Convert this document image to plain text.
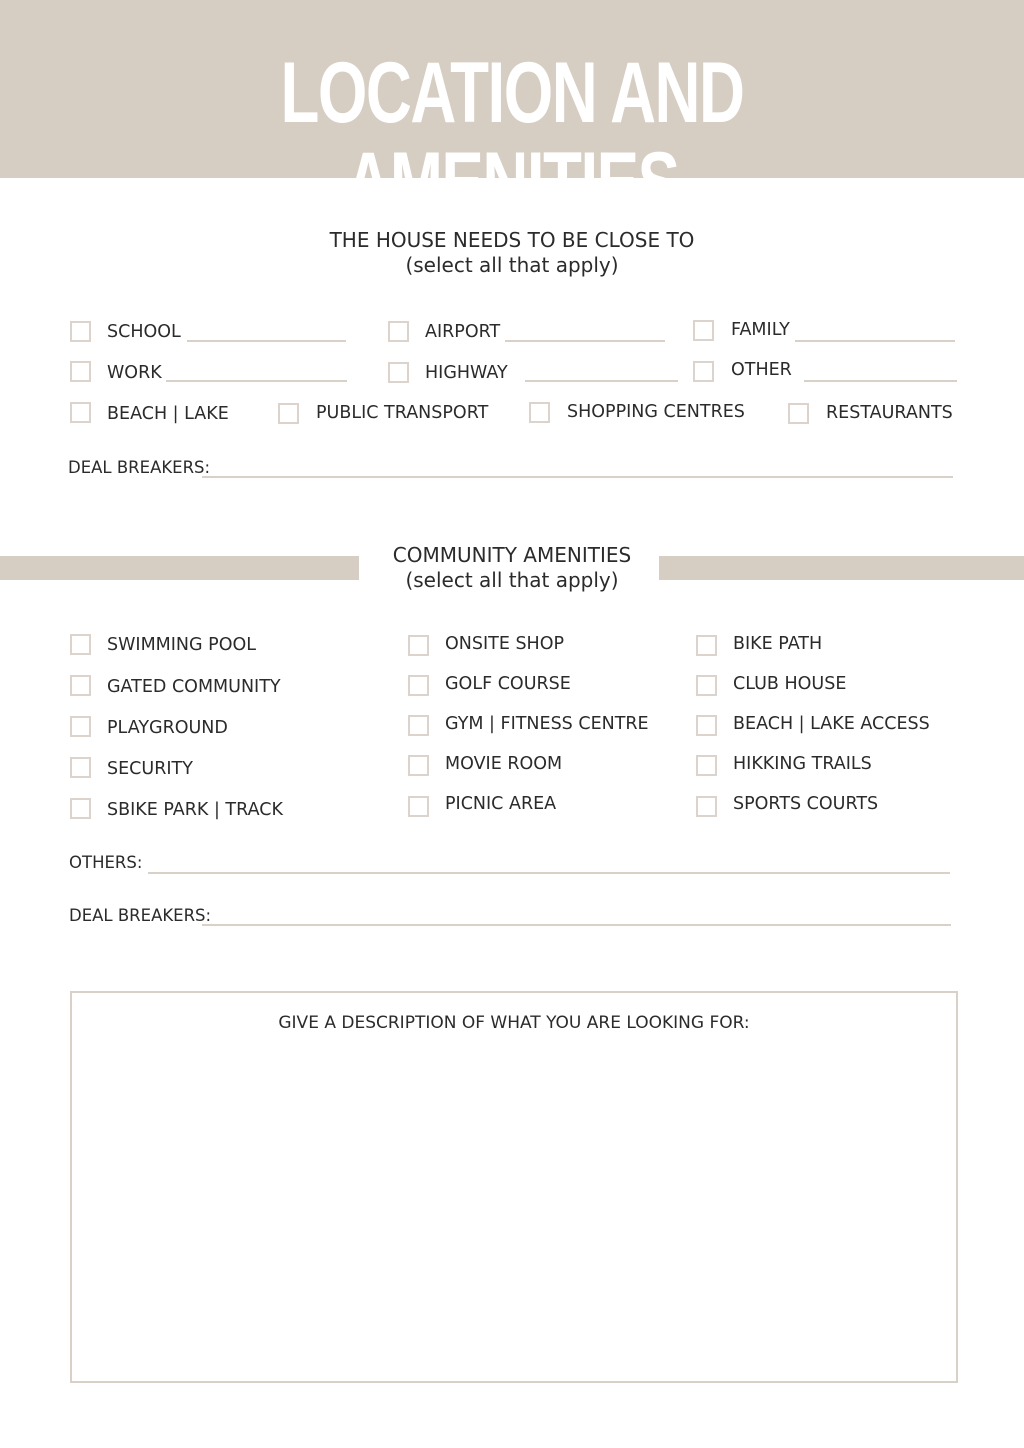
LOCATION AND AMENITIES
THE HOUSE NEEDS TO BE CLOSE TO
(select all that apply)
SCHOOL	AIRPORT	FAMILY
WORK	HIGHWAY	OTHER
BEACH | LAKE	PUBLIC TRANSPORT	SHOPPING CENTRES	RESTAURANTS
DEAL BREAKERS:
COMMUNITY AMENITIES
(select all that apply)
SWIMMING POOL
GATED COMMUNITY
PLAYGROUND
SECURITY
SBIKE PARK | TRACK
ONSITE SHOP
GOLF COURSE
GYM | FITNESS CENTRE
MOVIE ROOM
PICNIC AREA
BIKE PATH
CLUB HOUSE
BEACH | LAKE ACCESS
HIKKING TRAILS
SPORTS COURTS
OTHERS:
DEAL BREAKERS:
GIVE A DESCRIPTION OF WHAT YOU ARE LOOKING FOR:
